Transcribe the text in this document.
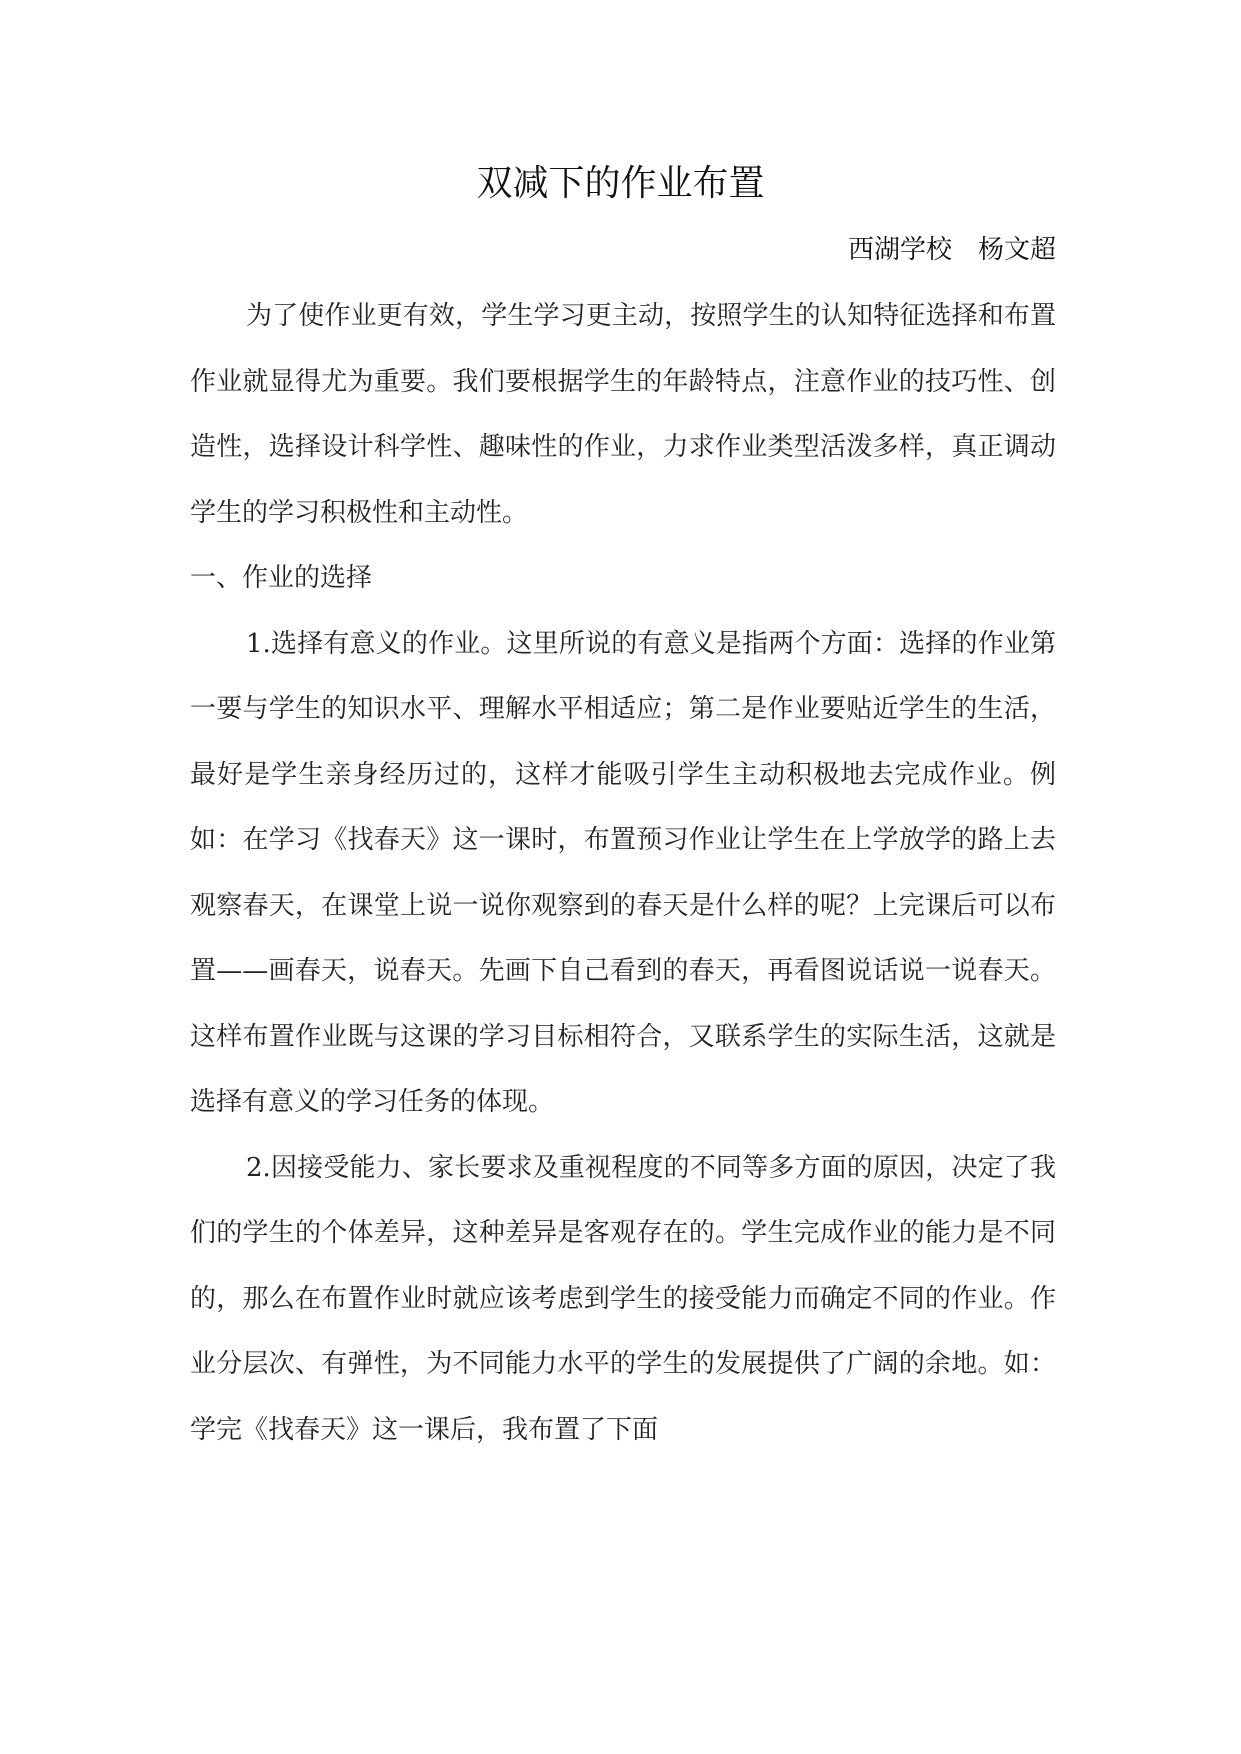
双减下的作业布置
西湖学校　杨文超

为了使作业更有效，学生学习更主动，按照学生的认知特征选择和布置作业就显得尤为重要。我们要根据学生的年龄特点，注意作业的技巧性、创造性，选择设计科学性、趣味性的作业，力求作业类型活泼多样，真正调动学生的学习积极性和主动性。

一、作业的选择

1.选择有意义的作业。这里所说的有意义是指两个方面：选择的作业第一要与学生的知识水平、理解水平相适应；第二是作业要贴近学生的生活，最好是学生亲身经历过的，这样才能吸引学生主动积极地去完成作业。例如：在学习《找春天》这一课时，布置预习作业让学生在上学放学的路上去观察春天，在课堂上说一说你观察到的春天是什么样的呢？上完课后可以布置——画春天，说春天。先画下自己看到的春天，再看图说话说一说春天。这样布置作业既与这课的学习目标相符合，又联系学生的实际生活，这就是选择有意义的学习任务的体现。

2.因接受能力、家长要求及重视程度的不同等多方面的原因，决定了我们的学生的个体差异，这种差异是客观存在的。学生完成作业的能力是不同的，那么在布置作业时就应该考虑到学生的接受能力而确定不同的作业。作业分层次、有弹性，为不同能力水平的学生的发展提供了广阔的余地。如：学完《找春天》这一课后，我布置了下面
